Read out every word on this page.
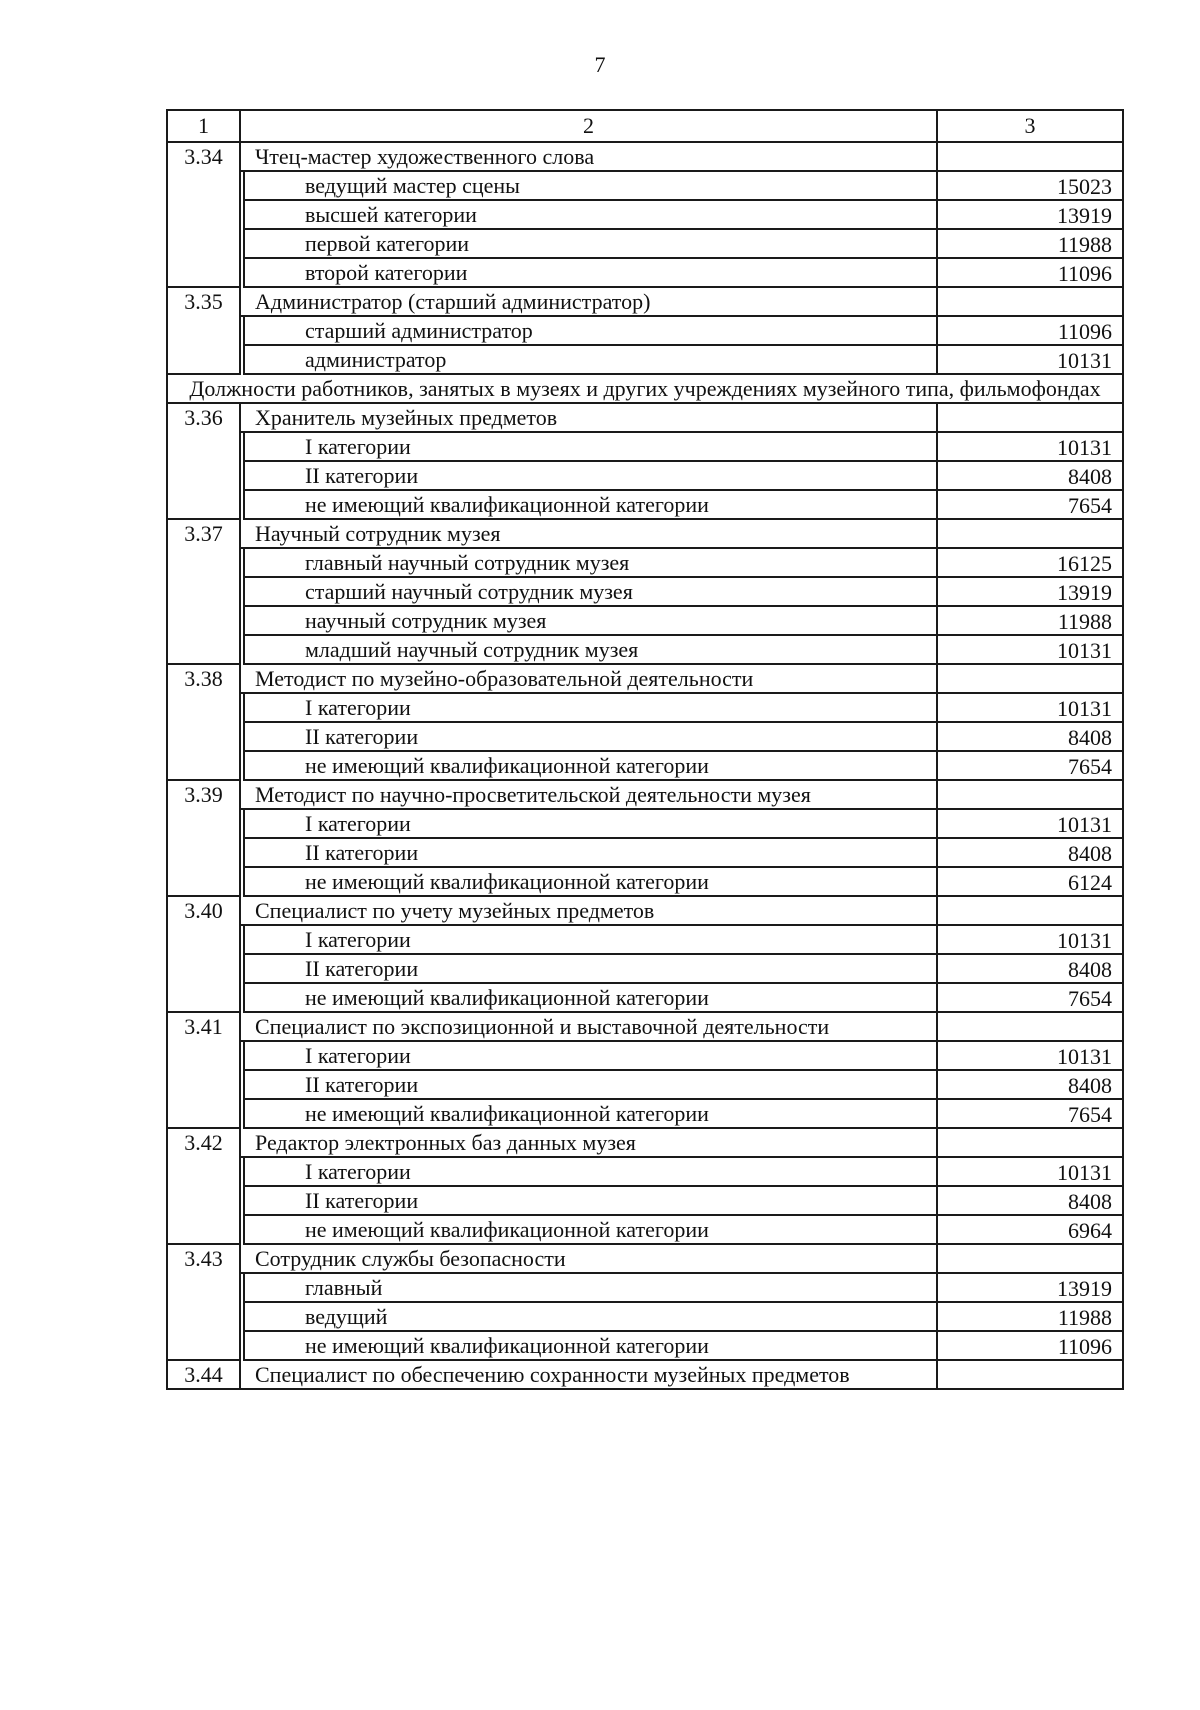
7
1	2		3
3.34	Чтец-мастер художественного слова		
		ведущий мастер сцены	15023
		высшей категории	13919
		первой категории	11988
		второй категории	11096
3.35	Администратор (старший администратор)		
		старший администратор	11096
		администратор	10131
Должности работников, занятых в музеях и других учреждениях музейного типа, фильмофондах			
3.36	Хранитель музейных предметов		
		I категории	10131
		II категории	8408
		не имеющий квалификационной категории	7654
3.37	Научный сотрудник музея		
		главный научный сотрудник музея	16125
		старший научный сотрудник музея	13919
		научный сотрудник музея	11988
		младший научный сотрудник музея	10131
3.38	Методист по музейно-образовательной деятельности		
		I категории	10131
		II категории	8408
		не имеющий квалификационной категории	7654
3.39	Методист по научно-просветительской деятельности музея		
		I категории	10131
		II категории	8408
		не имеющий квалификационной категории	6124
3.40	Специалист по учету музейных предметов		
		I категории	10131
		II категории	8408
		не имеющий квалификационной категории	7654
3.41	Специалист по экспозиционной и выставочной деятельности		
		I категории	10131
		II категории	8408
		не имеющий квалификационной категории	7654
3.42	Редактор электронных баз данных музея		
		I категории	10131
		II категории	8408
		не имеющий квалификационной категории	6964
3.43	Сотрудник службы безопасности		
		главный	13919
		ведущий	11988
		не имеющий квалификационной категории	11096
3.44	Специалист по обеспечению сохранности музейных предметов		
